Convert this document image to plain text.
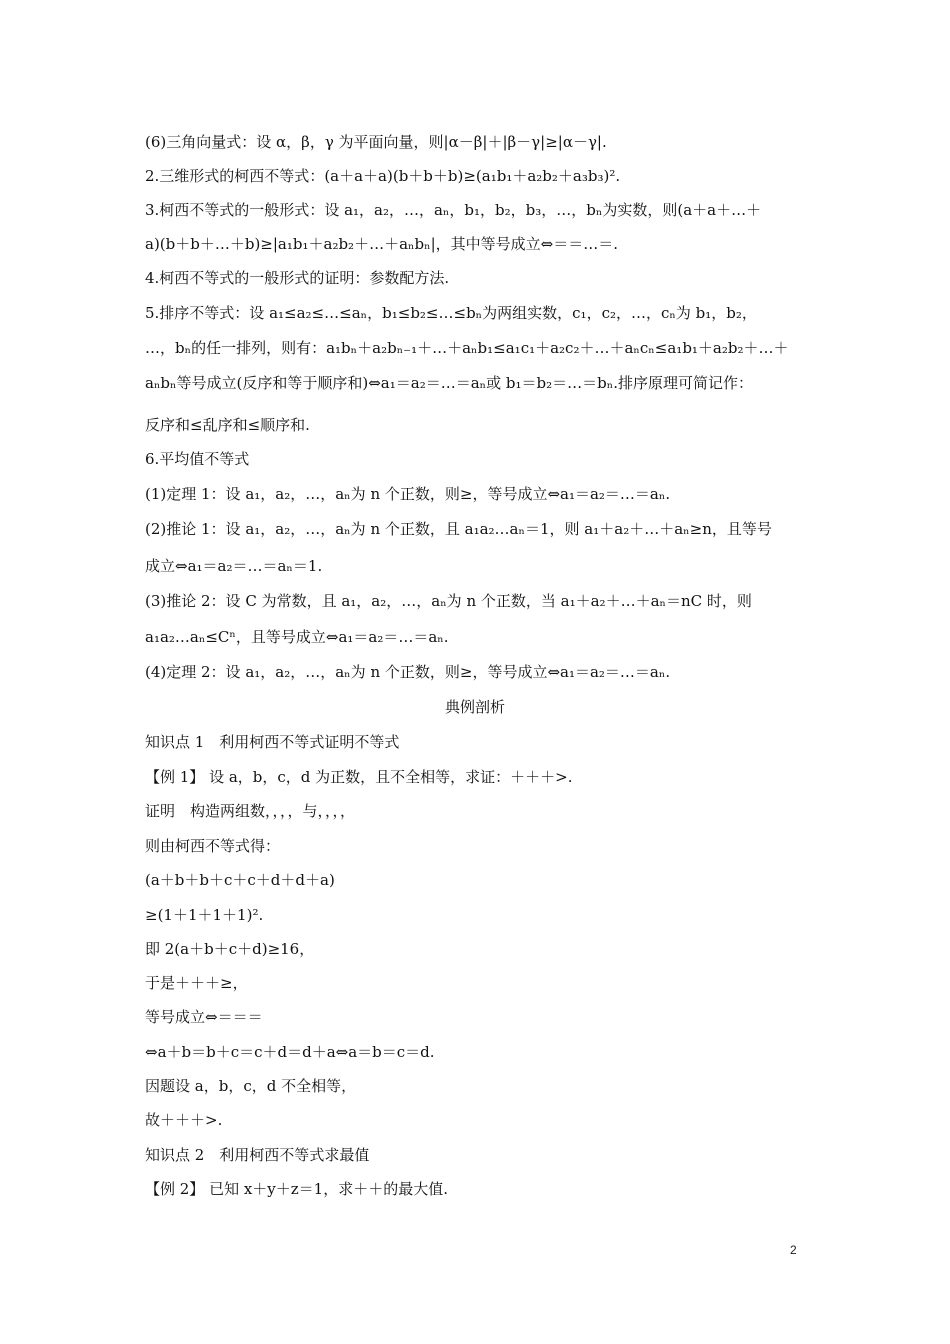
(6)三角向量式：设 α，β，γ 为平面向量，则|α－β|＋|β－γ|≥|α－γ|.
2.三维形式的柯西不等式：(a＋a＋a)(b＋b＋b)≥(a₁b₁＋a₂b₂＋a₃b₃)².
3.柯西不等式的一般形式：设 a₁，a₂，…，aₙ，b₁，b₂，b₃，…，bₙ为实数，则(a＋a＋…＋
a)(b＋b＋…＋b)≥|a₁b₁＋a₂b₂＋…＋aₙbₙ|，其中等号成立⇔＝＝…＝.
4.柯西不等式的一般形式的证明：参数配方法.
5.排序不等式：设 a₁≤a₂≤…≤aₙ，b₁≤b₂≤…≤bₙ为两组实数，c₁，c₂，…，cₙ为 b₁，b₂，
…，bₙ的任一排列，则有：a₁bₙ＋a₂bₙ₋₁＋…＋aₙb₁≤a₁c₁＋a₂c₂＋…＋aₙcₙ≤a₁b₁＋a₂b₂＋…＋
aₙbₙ等号成立(反序和等于顺序和)⇔a₁＝a₂＝…＝aₙ或 b₁＝b₂＝…＝bₙ.排序原理可简记作：
反序和≤乱序和≤顺序和.
6.平均值不等式
(1)定理 1：设 a₁，a₂，…，aₙ为 n 个正数，则≥，等号成立⇔a₁＝a₂＝…＝aₙ.
(2)推论 1：设 a₁，a₂，…，aₙ为 n 个正数，且 a₁a₂…aₙ＝1，则 a₁＋a₂＋…＋aₙ≥n，且等号
成立⇔a₁＝a₂＝…＝aₙ＝1.
(3)推论 2：设 C 为常数，且 a₁，a₂，…，aₙ为 n 个正数，当 a₁＋a₂＋…＋aₙ＝nC 时，则
a₁a₂…aₙ≤Cⁿ，且等号成立⇔a₁＝a₂＝…＝aₙ.
(4)定理 2：设 a₁，a₂，…，aₙ为 n 个正数，则≥，等号成立⇔a₁＝a₂＝…＝aₙ.
典例剖析
知识点 1　利用柯西不等式证明不等式
【例 1】 设 a，b，c，d 为正数，且不全相等，求证：＋＋＋>.
证明　构造两组数，，，，与，，，，
则由柯西不等式得：
(a＋b＋b＋c＋c＋d＋d＋a)
≥(1＋1＋1＋1)².
即 2(a＋b＋c＋d)≥16，
于是＋＋＋≥，
等号成立⇔＝＝＝
⇔a＋b＝b＋c＝c＋d＝d＋a⇔a＝b＝c＝d.
因题设 a，b，c，d 不全相等，
故＋＋＋>.
知识点 2　利用柯西不等式求最值
【例 2】 已知 x＋y＋z＝1，求＋＋的最大值.
2
